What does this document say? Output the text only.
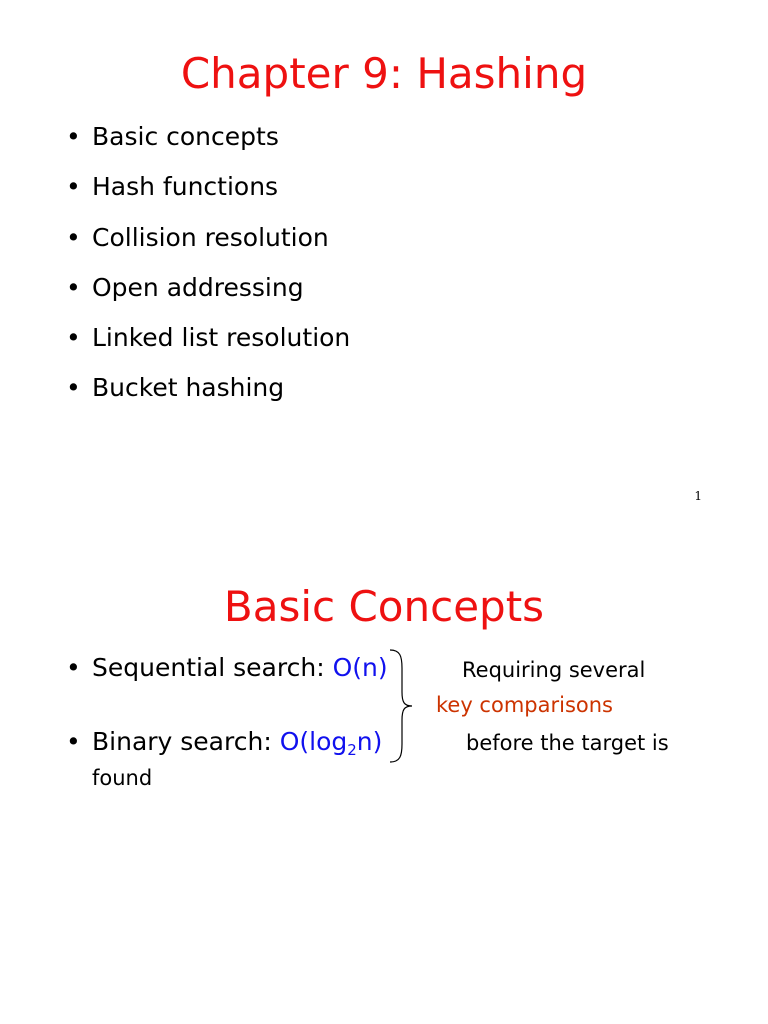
Chapter 9: Hashing
• Basic concepts
• Hash functions
• Collision resolution
• Open addressing
• Linked list resolution
• Bucket hashing
1
Basic Concepts
• Sequential search: O(n)
• Binary search: $O(\log_2n)$
Requiring several
key comparisons
before the target is
found
